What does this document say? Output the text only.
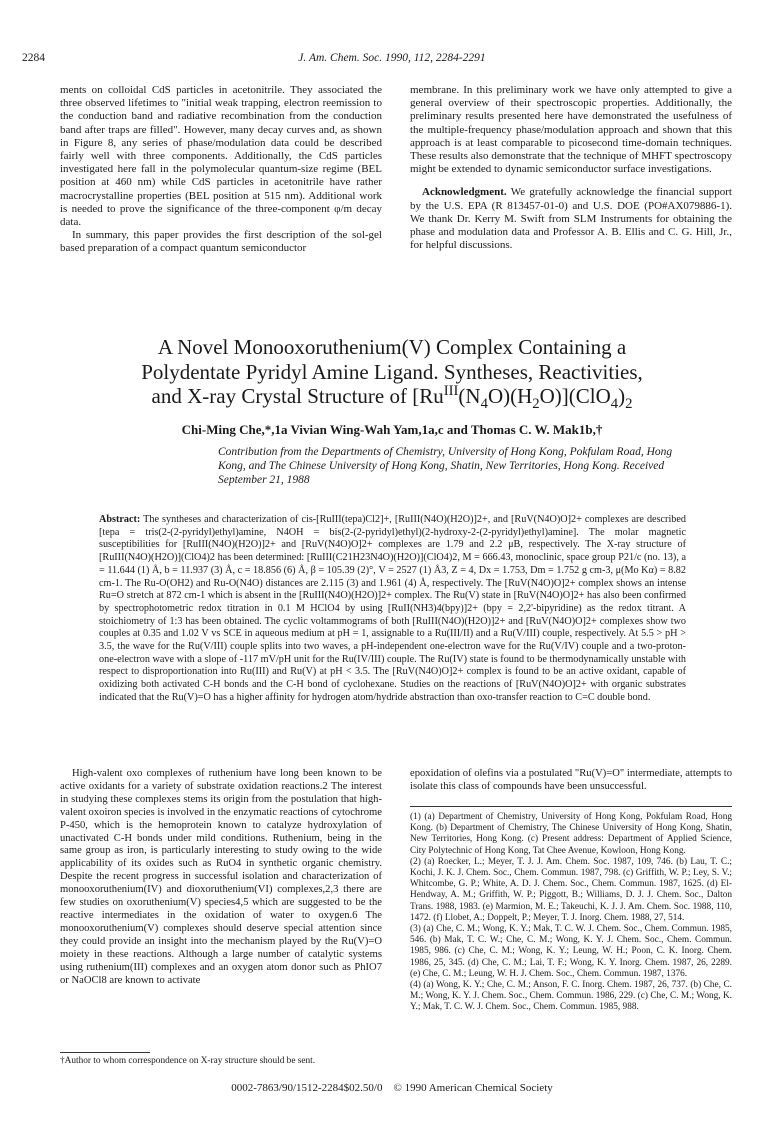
2284	J. Am. Chem. Soc. 1990, 112, 2284-2291

ments on colloidal CdS particles in acetonitrile. They associated the three observed lifetimes to "initial weak trapping, electron reemission to the conduction band and radiative recombination from the conduction band after traps are filled". However, many decay curves and, as shown in Figure 8, any series of phase/modulation data could be described fairly well with three components. Additionally, the CdS particles investigated here fall in the polymolecular quantum-size regime (BEL position at 460 nm) while CdS particles in acetonitrile have rather macrocrystalline properties (BEL position at 515 nm). Additional work is needed to prove the significance of the three-component φ/m decay data.

In summary, this paper provides the first description of the sol-gel based preparation of a compact quantum semiconductor

membrane. In this preliminary work we have only attempted to give a general overview of their spectroscopic properties. Additionally, the preliminary results presented here have demonstrated the usefulness of the multiple-frequency phase/modulation approach and shown that this approach is at least comparable to picosecond time-domain techniques. These results also demonstrate that the technique of MHFT spectroscopy might be extended to dynamic semiconductor surface investigations.

Acknowledgment. We gratefully acknowledge the financial support by the U.S. EPA (R 813457-01-0) and U.S. DOE (PO#AX079886-1). We thank Dr. Kerry M. Swift from SLM Instruments for obtaining the phase and modulation data and Professor A. B. Ellis and C. G. Hill, Jr., for helpful discussions.

A Novel Monooxoruthenium(V) Complex Containing a
Polydentate Pyridyl Amine Ligand. Syntheses, Reactivities,
and X-ray Crystal Structure of $[Ru^{III}(N_4O)(H_2O)](ClO_4)_2$
Chi-Ming Che,*,1a Vivian Wing-Wah Yam,1a,c and Thomas C. W. Mak1b,†
Contribution from the Departments of Chemistry, University of Hong Kong, Pokfulam Road, Hong Kong, and The Chinese University of Hong Kong, Shatin, New Territories, Hong Kong. Received September 21, 1988
Abstract: The syntheses and characterization of cis-[RuIII(tepa)Cl2]+, [RuIII(N4O)(H2O)]2+, and [RuV(N4O)O]2+ complexes are described [tepa = tris(2-(2-pyridyl)ethyl)amine, N4OH = bis(2-(2-pyridyl)ethyl)(2-hydroxy-2-(2-pyridyl)ethyl)amine]. The molar magnetic susceptibilities for [RuIII(N4O)(H2O)]2+ and [RuV(N4O)O]2+ complexes are 1.79 and 2.2 μB, respectively. The X-ray structure of [RuIII(N4O)(H2O)](ClO4)2 has been determined: [RuIII(C21H23N4O)(H2O)](ClO4)2, M = 666.43, monoclinic, space group P21/c (no. 13), a = 11.644 (1) Å, b = 11.937 (3) Å, c = 18.856 (6) Å, β = 105.39 (2)°, V = 2527 (1) Å3, Z = 4, Dx = 1.753, Dm = 1.752 g cm-3, μ(Mo Kα) = 8.82 cm-1. The Ru-O(OH2) and Ru-O(N4O) distances are 2.115 (3) and 1.961 (4) Å, respectively. The [RuV(N4O)O]2+ complex shows an intense Ru=O stretch at 872 cm-1 which is absent in the [RuIII(N4O)(H2O)]2+ complex. The Ru(V) state in [RuV(N4O)O]2+ has also been confirmed by spectrophotometric redox titration in 0.1 M HClO4 by using [RuII(NH3)4(bpy)]2+ (bpy = 2,2'-bipyridine) as the redox titrant. A stoichiometry of 1:3 has been obtained. The cyclic voltammograms of both [RuIII(N4O)(H2O)]2+ and [RuV(N4O)O]2+ complexes show two couples at 0.35 and 1.02 V vs SCE in aqueous medium at pH = 1, assignable to a Ru(III/II) and a Ru(V/III) couple, respectively. At 5.5 > pH > 3.5, the wave for the Ru(V/III) couple splits into two waves, a pH-independent one-electron wave for the Ru(V/IV) couple and a two-proton-one-electron wave with a slope of -117 mV/pH unit for the Ru(IV/III) couple. The Ru(IV) state is found to be thermodynamically unstable with respect to disproportionation into Ru(III) and Ru(V) at pH < 3.5. The [RuV(N4O)O]2+ complex is found to be an active oxidant, capable of oxidizing both activated C-H bonds and the C-H bond of cyclohexane. Studies on the reactions of [RuV(N4O)O]2+ with organic substrates indicated that the Ru(V)=O has a higher affinity for hydrogen atom/hydride abstraction than oxo-transfer reaction to C=C double bond.

High-valent oxo complexes of ruthenium have long been known to be active oxidants for a variety of substrate oxidation reactions.2 The interest in studying these complexes stems its origin from the postulation that high-valent oxoiron species is involved in the enzymatic reactions of cytochrome P-450, which is the hemoprotein known to catalyze hydroxylation of unactivated C-H bonds under mild conditions. Ruthenium, being in the same group as iron, is particularly interesting to study owing to the wide applicability of its oxides such as RuO4 in synthetic organic chemistry. Despite the recent progress in successful isolation and characterization of monooxoruthenium(IV) and dioxoruthenium(VI) complexes,2,3 there are few studies on oxoruthenium(V) species4,5 which are suggested to be the reactive intermediates in the oxidation of water to oxygen.6 The monooxoruthenium(V) complexes should deserve special attention since they could provide an insight into the mechanism played by the Ru(V)=O moiety in these reactions. Although a large number of catalytic systems using ruthenium(III) complexes and an oxygen atom donor such as PhIO7 or NaOCl8 are known to activate

†Author to whom correspondence on X-ray structure should be sent.

epoxidation of olefins via a postulated "Ru(V)=O" intermediate, attempts to isolate this class of compounds have been unsuccessful.

(1) (a) Department of Chemistry, University of Hong Kong, Pokfulam Road, Hong Kong. (b) Department of Chemistry, The Chinese University of Hong Kong, Shatin, New Territories, Hong Kong. (c) Present address: Department of Applied Science, City Polytechnic of Hong Kong, Tat Chee Avenue, Kowloon, Hong Kong.

(2) (a) Roecker, L.; Meyer, T. J. J. Am. Chem. Soc. 1987, 109, 746. (b) Lau, T. C.; Kochi, J. K. J. Chem. Soc., Chem. Commun. 1987, 798. (c) Griffith, W. P.; Ley, S. V.; Whitcombe, G. P.; White, A. D. J. Chem. Soc., Chem. Commun. 1987, 1625. (d) El-Hendway, A. M.; Griffith, W. P.; Piggott, B.; Williams, D. J. J. Chem. Soc., Dalton Trans. 1988, 1983. (e) Marmion, M. E.; Takeuchi, K. J. J. Am. Chem. Soc. 1988, 110, 1472. (f) Llobet, A.; Doppelt, P.; Meyer, T. J. Inorg. Chem. 1988, 27, 514.

(3) (a) Che, C. M.; Wong, K. Y.; Mak, T. C. W. J. Chem. Soc., Chem. Commun. 1985, 546. (b) Mak, T. C. W.; Che, C. M.; Wong, K. Y. J. Chem. Soc., Chem. Commun. 1985, 986. (c) Che, C. M.; Wong, K. Y.; Leung, W. H.; Poon, C. K. Inorg. Chem. 1986, 25, 345. (d) Che, C. M.; Lai, T. F.; Wong, K. Y. Inorg. Chem. 1987, 26, 2289. (e) Che, C. M.; Leung, W. H. J. Chem. Soc., Chem. Commun. 1987, 1376.

(4) (a) Wong, K. Y.; Che, C. M.; Anson, F. C. Inorg. Chem. 1987, 26, 737. (b) Che, C. M.; Wong, K. Y. J. Chem. Soc., Chem. Commun. 1986, 229. (c) Che, C. M.; Wong, K. Y.; Mak, T. C. W. J. Chem. Soc., Chem. Commun. 1985, 988.

0002-7863/90/1512-2284$02.50/0 © 1990 American Chemical Society
